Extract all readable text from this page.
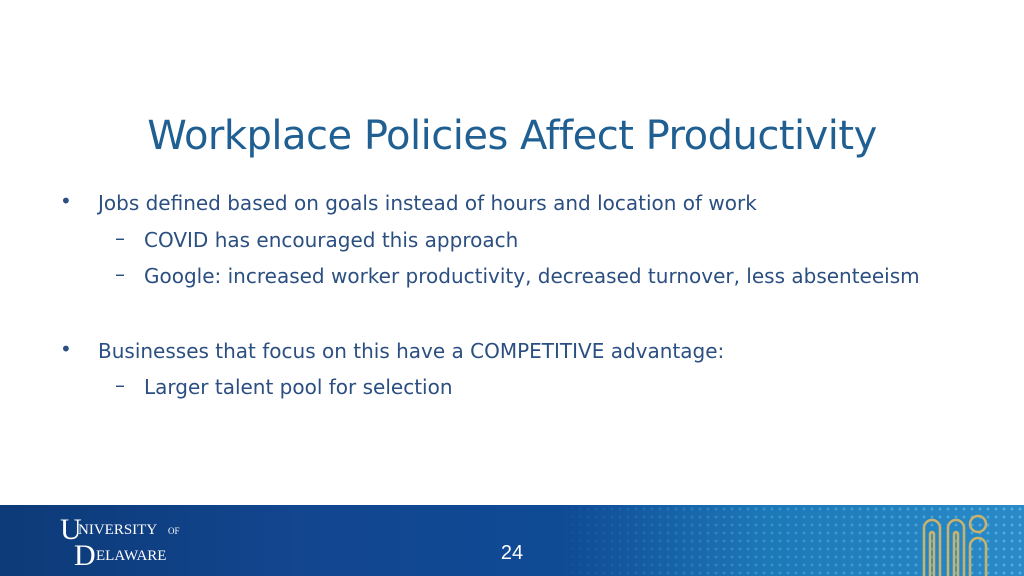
Workplace Policies Affect Productivity
•	Jobs defined based on goals instead of hours and location of work
– COVID has encouraged this approach
– Google: increased worker productivity, decreased turnover, less absenteeism
•	Businesses that focus on this have a COMPETITIVE advantage:
– Larger talent pool for selection
U
NIVERSITY OF
D ELAWARE	24
